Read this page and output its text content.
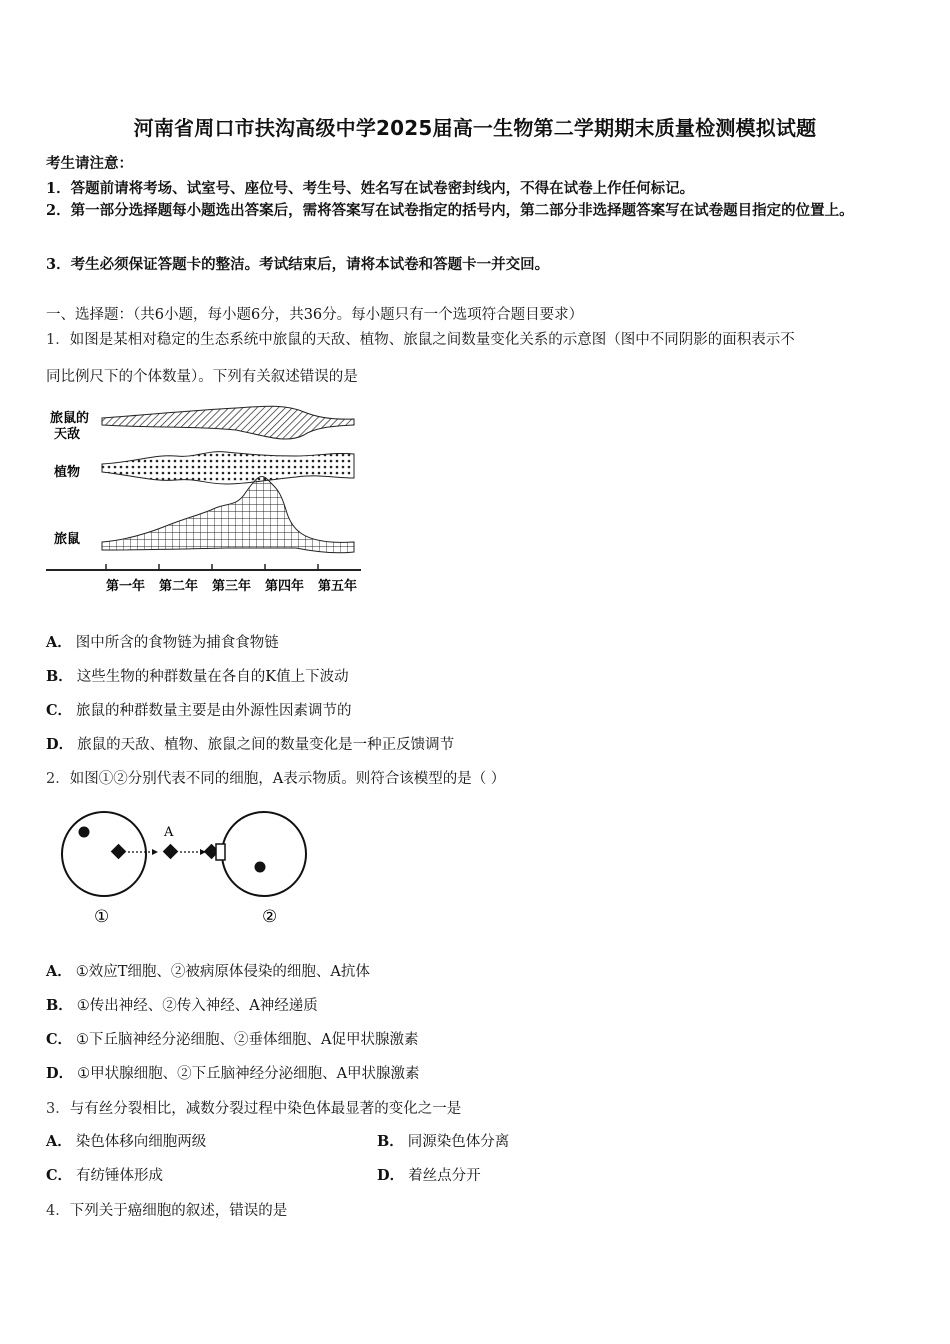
河南省周口市扶沟高级中学2025届高一生物第二学期期末质量检测模拟试题
考生请注意：
1．答题前请将考场、试室号、座位号、考生号、姓名写在试卷密封线内，不得在试卷上作任何标记。
2．第一部分选择题每小题选出答案后，需将答案写在试卷指定的括号内，第二部分非选择题答案写在试卷题目指定的位置上。
3．考生必须保证答题卡的整洁。考试结束后，请将本试卷和答题卡一并交回。
一、选择题：（共6小题，每小题6分，共36分。每小题只有一个选项符合题目要求）
1．如图是某相对稳定的生态系统中旅鼠的天敌、植物、旅鼠之间数量变化关系的示意图（图中不同阴影的面积表示不
同比例尺下的个体数量）。下列有关叙述错误的是
旅鼠的
天敌
植物
旅鼠
第一年 第二年 第三年 第四年 第五年
A． 图中所含的食物链为捕食食物链
B． 这些生物的种群数量在各自的K值上下波动
C． 旅鼠的种群数量主要是由外源性因素调节的
D． 旅鼠的天敌、植物、旅鼠之间的数量变化是一种正反馈调节
2．如图①②分别代表不同的细胞，A表示物质。则符合该模型的是（ ）
A
①	②
A． ①效应T细胞、②被病原体侵染的细胞、A抗体
B． ①传出神经、②传入神经、A神经递质
C． ①下丘脑神经分泌细胞、②垂体细胞、A促甲状腺激素
D． ①甲状腺细胞、②下丘脑神经分泌细胞、A甲状腺激素
3．与有丝分裂相比，减数分裂过程中染色体最显著的变化之一是
A． 染色体移向细胞两级	B． 同源染色体分离
C． 有纺锤体形成	D． 着丝点分开
4．下列关于癌细胞的叙述，错误的是
